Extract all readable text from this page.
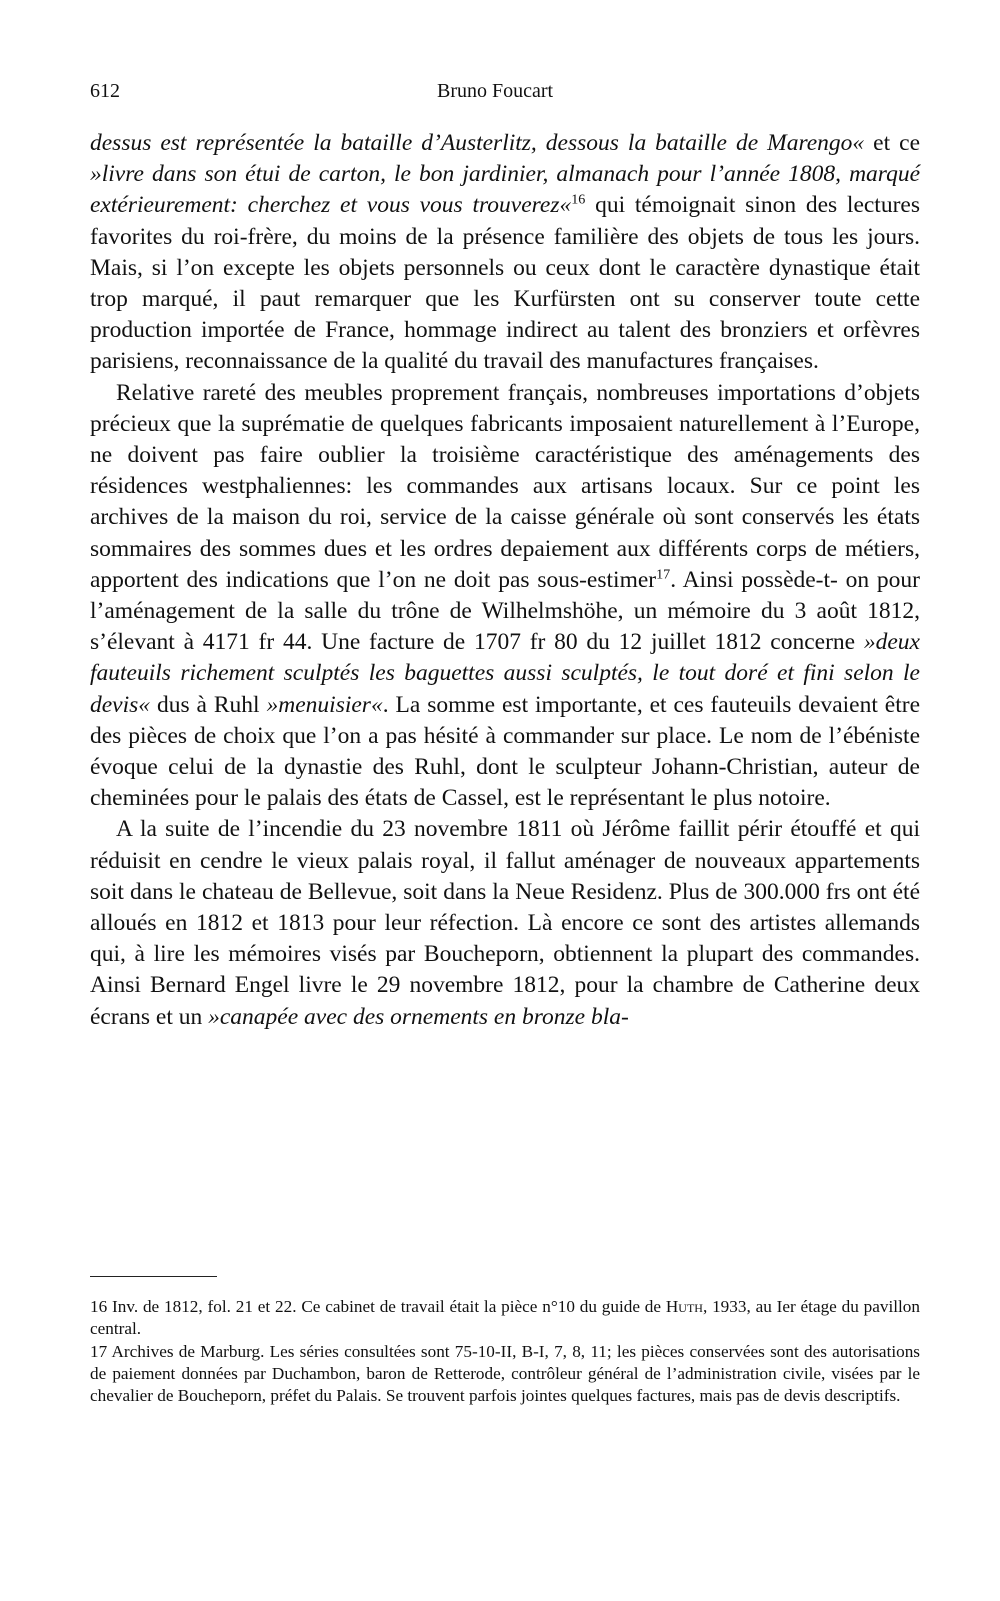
612	Bruno Foucart

dessus est représentée la bataille d’Austerlitz, dessous la bataille de Marengo« et ce »livre dans son étui de carton, le bon jardinier, almanach pour l’année 1808, marqué extérieurement: cherchez et vous vous trouverez«$^{16}$ qui témoignait sinon des lectures favorites du roi-frère, du moins de la présence familière des objets de tous les jours. Mais, si l’on excepte les objets personnels ou ceux dont le caractère dynastique était trop marqué, il paut remarquer que les Kurfürsten ont su conserver toute cette production importée de France, hommage indirect au talent des bronziers et orfèvres parisiens, reconnaissance de la qualité du travail des manufactures françaises.

Relative rareté des meubles proprement français, nombreuses importations d’objets précieux que la suprématie de quelques fabricants imposaient naturellement à l’Europe, ne doivent pas faire oublier la troisième caractéristique des aménagements des résidences westphaliennes: les commandes aux artisans locaux. Sur ce point les archives de la maison du roi, service de la caisse générale où sont conservés les états sommaires des sommes dues et les ordres depaiement aux différents corps de métiers, apportent des indications que l’on ne doit pas sous-estimer$^{17}$. Ainsi possède-t- on pour l’aménagement de la salle du trône de Wilhelmshöhe, un mémoire du 3 août 1812, s’élevant à 4171 fr 44. Une facture de 1707 fr 80 du 12 juillet 1812 concerne »deux fauteuils richement sculptés les baguettes aussi sculptés, le tout doré et fini selon le devis« dus à Ruhl »menuisier«. La somme est importante, et ces fauteuils devaient être des pièces de choix que l’on a pas hésité à commander sur place. Le nom de l’ébéniste évoque celui de la dynastie des Ruhl, dont le sculpteur Johann-Christian, auteur de cheminées pour le palais des états de Cassel, est le représentant le plus notoire.

A la suite de l’incendie du 23 novembre 1811 où Jérôme faillit périr étouffé et qui réduisit en cendre le vieux palais royal, il fallut aménager de nouveaux appartements soit dans le chateau de Bellevue, soit dans la Neue Residenz. Plus de 300.000 frs ont été alloués en 1812 et 1813 pour leur réfection. Là encore ce sont des artistes allemands qui, à lire les mémoires visés par Boucheporn, obtiennent la plupart des commandes. Ainsi Bernard Engel livre le 29 novembre 1812, pour la chambre de Catherine deux écrans et un »canapée avec des ornements en bronze bla-

16 Inv. de 1812, fol. 21 et 22. Ce cabinet de travail était la pièce n°10 du guide de Huth, 1933, au Ier étage du pavillon central.

17 Archives de Marburg. Les séries consultées sont 75-10-II, B-I, 7, 8, 11; les pièces conservées sont des autorisations de paiement données par Duchambon, baron de Retterode, contrôleur général de l’administration civile, visées par le chevalier de Boucheporn, préfet du Palais. Se trouvent parfois jointes quelques factures, mais pas de devis descriptifs.
